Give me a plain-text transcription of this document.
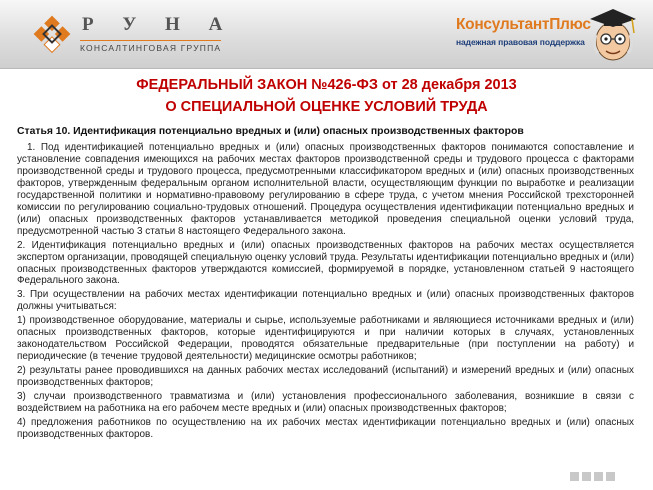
Р У Н А
КОНСАЛТИНГОВАЯ ГРУППА
КонсультантПлюс
надежная правовая поддержка
ФЕДЕРАЛЬНЫЙ ЗАКОН №426-ФЗ от 28 декабря 2013
О СПЕЦИАЛЬНОЙ ОЦЕНКЕ УСЛОВИЙ ТРУДА
Статья 10. Идентификация потенциально вредных и (или) опасных производственных факторов

1. Под идентификацией потенциально вредных и (или) опасных производственных факторов понимаются сопоставление и установление совпадения имеющихся на рабочих местах факторов производственной среды и трудового процесса с факторами производственной среды и трудового процесса, предусмотренными классификатором вредных и (или) опасных производственных факторов, утвержденным федеральным органом исполнительной власти, осуществляющим функции по выработке и реализации государственной политики и нормативно-правовому регулированию в сфере труда, с учетом мнения Российской трехсторонней комиссии по регулированию социально-трудовых отношений. Процедура осуществления идентификации потенциально вредных и (или) опасных производственных факторов устанавливается методикой проведения специальной оценки условий труда, предусмотренной частью 3 статьи 8 настоящего Федерального закона.

2. Идентификация потенциально вредных и (или) опасных производственных факторов на рабочих местах осуществляется экспертом организации, проводящей специальную оценку условий труда. Результаты идентификации потенциально вредных и (или) опасных производственных факторов утверждаются комиссией, формируемой в порядке, установленном статьей 9 настоящего Федерального закона.

3. При осуществлении на рабочих местах идентификации потенциально вредных и (или) опасных производственных факторов должны учитываться:

1) производственное оборудование, материалы и сырье, используемые работниками и являющиеся источниками вредных и (или) опасных производственных факторов, которые идентифицируются и при наличии которых в случаях, установленных законодательством Российской Федерации, проводятся обязательные предварительные (при поступлении на работу) и периодические (в течение трудовой деятельности) медицинские осмотры работников;

2) результаты ранее проводившихся на данных рабочих местах исследований (испытаний) и измерений вредных и (или) опасных производственных факторов;

3) случаи производственного травматизма и (или) установления профессионального заболевания, возникшие в связи с воздействием на работника на его рабочем месте вредных и (или) опасных производственных факторов;

4) предложения работников по осуществлению на их рабочих местах идентификации потенциально вредных и (или) опасных производственных факторов.
